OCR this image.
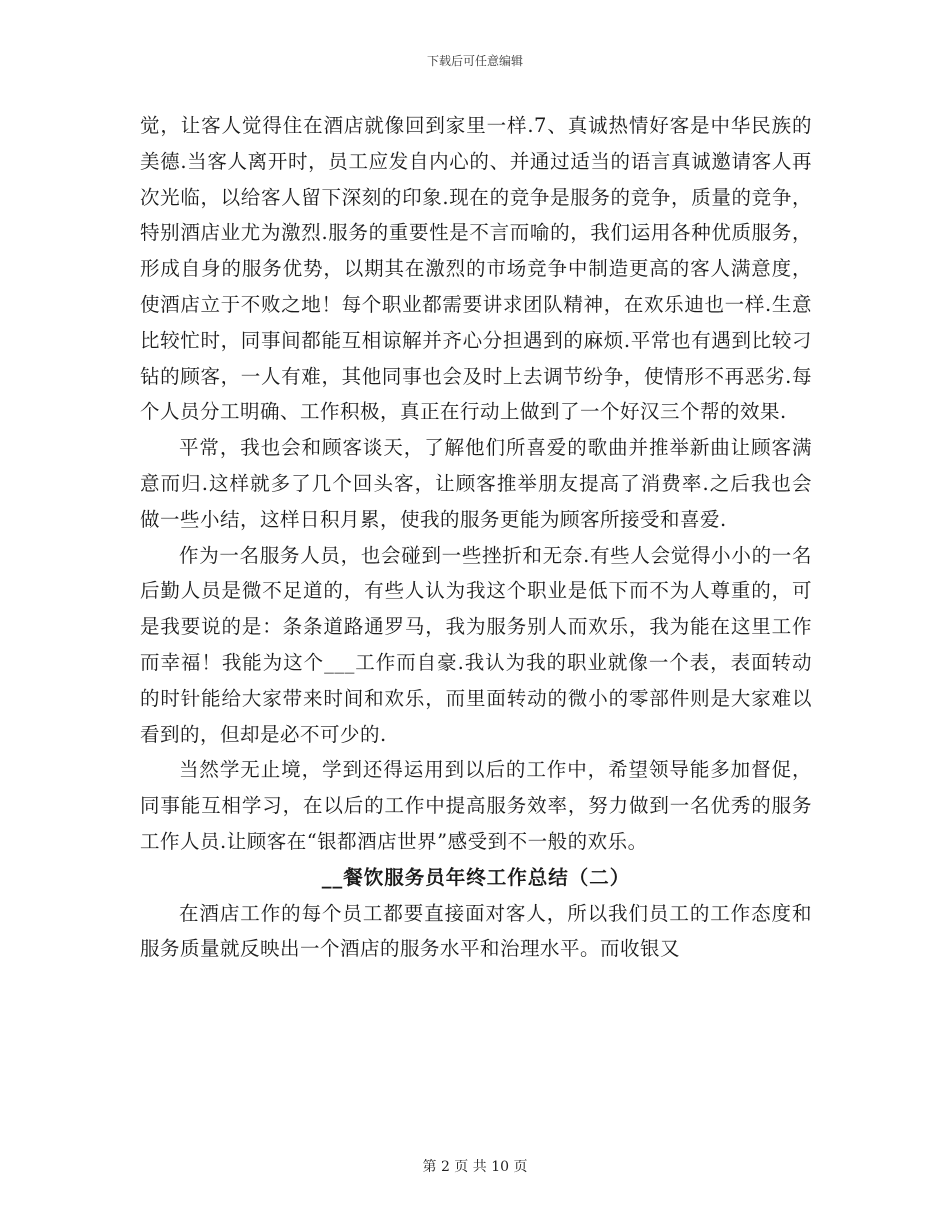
下载后可任意编辑

觉，让客人觉得住在酒店就像回到家里一样.7、真诚热情好客是中华民族的美德.当客人离开时，员工应发自内心的、并通过适当的语言真诚邀请客人再次光临，以给客人留下深刻的印象.现在的竞争是服务的竞争，质量的竞争，特别酒店业尤为激烈.服务的重要性是不言而喻的，我们运用各种优质服务，形成自身的服务优势，以期其在激烈的市场竞争中制造更高的客人满意度，使酒店立于不败之地！每个职业都需要讲求团队精神，在欢乐迪也一样.生意比较忙时，同事间都能互相谅解并齐心分担遇到的麻烦.平常也有遇到比较刁钻的顾客，一人有难，其他同事也会及时上去调节纷争，使情形不再恶劣.每个人员分工明确、工作积极，真正在行动上做到了一个好汉三个帮的效果.

平常，我也会和顾客谈天，了解他们所喜爱的歌曲并推举新曲让顾客满意而归.这样就多了几个回头客，让顾客推举朋友提高了消费率.之后我也会做一些小结，这样日积月累，使我的服务更能为顾客所接受和喜爱.

作为一名服务人员，也会碰到一些挫折和无奈.有些人会觉得小小的一名后勤人员是微不足道的，有些人认为我这个职业是低下而不为人尊重的，可是我要说的是：条条道路通罗马，我为服务别人而欢乐，我为能在这里工作而幸福！我能为这个___工作而自豪.我认为我的职业就像一个表，表面转动的时针能给大家带来时间和欢乐，而里面转动的微小的零部件则是大家难以看到的，但却是必不可少的.

当然学无止境，学到还得运用到以后的工作中，希望领导能多加督促，同事能互相学习，在以后的工作中提高服务效率，努力做到一名优秀的服务工作人员.让顾客在“银都酒店世界”感受到不一般的欢乐。

__餐饮服务员年终工作总结（二）

在酒店工作的每个员工都要直接面对客人，所以我们员工的工作态度和服务质量就反映出一个酒店的服务水平和治理水平。而收银又

第 2 页 共 10 页
